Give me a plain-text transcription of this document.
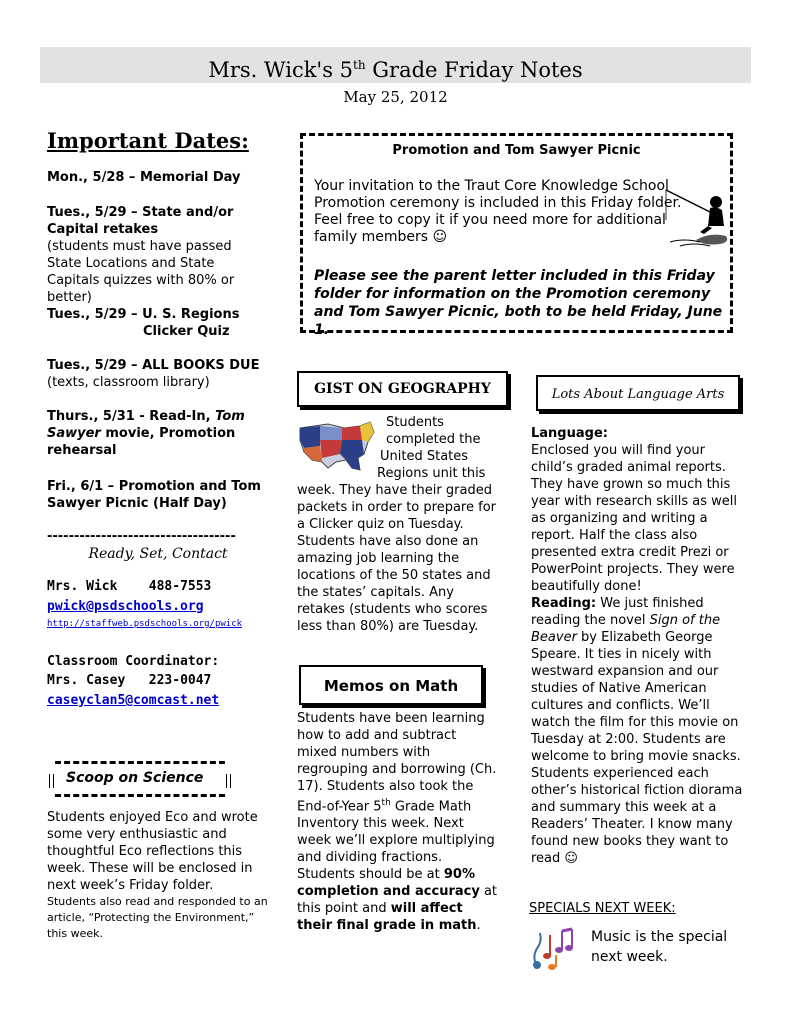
Mrs. Wick's 5th Grade Friday Notes
May 25, 2012
Important Dates:
Mon., 5/28 – Memorial Day
Tues., 5/29 – State and/or Capital retakes
(students must have passed State Locations and State Capitals quizzes with 80% or better)
Tues., 5/29 – U. S. Regions
Clicker Quiz
Tues., 5/29 – ALL BOOKS DUE (texts, classroom library)
Thurs., 5/31 - Read-In, Tom Sawyer movie, Promotion rehearsal
Fri., 6/1 – Promotion and Tom Sawyer Picnic (Half Day)
-----------------------------------
Ready, Set, Contact
Mrs. Wick 488-7553
pwick@psdschools.org
http://staffweb.psdschools.org/pwick
Classroom Coordinator:
Mrs. Casey 223-0047
caseyclan5@comcast.net
Scoop on Science
Students enjoyed Eco and wrote some very enthusiastic and thoughtful Eco reflections this week. These will be enclosed in next week’s Friday folder.
Students also read and responded to an article, “Protecting the Environment,” this week.
Promotion and Tom Sawyer Picnic
Your invitation to the Traut Core Knowledge School Promotion ceremony is included in this Friday folder. Feel free to copy it if you need more for additional family members ☺
Please see the parent letter included in this Friday folder for information on the Promotion ceremony and Tom Sawyer Picnic, both to be held Friday, June 1.
GIST ON GEOGRAPHY
Students
completed the
United States
Regions unit this
week. They have their graded packets in order to prepare for a Clicker quiz on Tuesday. Students have also done an amazing job learning the locations of the 50 states and the states’ capitals. Any retakes (students who scores less than 80%) are Tuesday.
Memos on Math
Students have been learning how to add and subtract mixed numbers with regrouping and borrowing (Ch. 17). Students also took the End-of-Year 5th Grade Math Inventory this week. Next week we’ll explore multiplying and dividing fractions.
Students should be at 90% completion and accuracy at this point and will affect their final grade in math.
Lots About Language Arts
Language:
Enclosed you will find your child’s graded animal reports. They have grown so much this year with research skills as well as organizing and writing a report. Half the class also presented extra credit Prezi or PowerPoint projects. They were beautifully done!
Reading: We just finished reading the novel Sign of the Beaver by Elizabeth George Speare. It ties in nicely with westward expansion and our studies of Native American cultures and conflicts. We’ll watch the film for this movie on Tuesday at 2:00. Students are welcome to bring movie snacks. Students experienced each other’s historical fiction diorama and summary this week at a Readers’ Theater. I know many found new books they want to read ☺
SPECIALS NEXT WEEK:
Music is the special next week.
